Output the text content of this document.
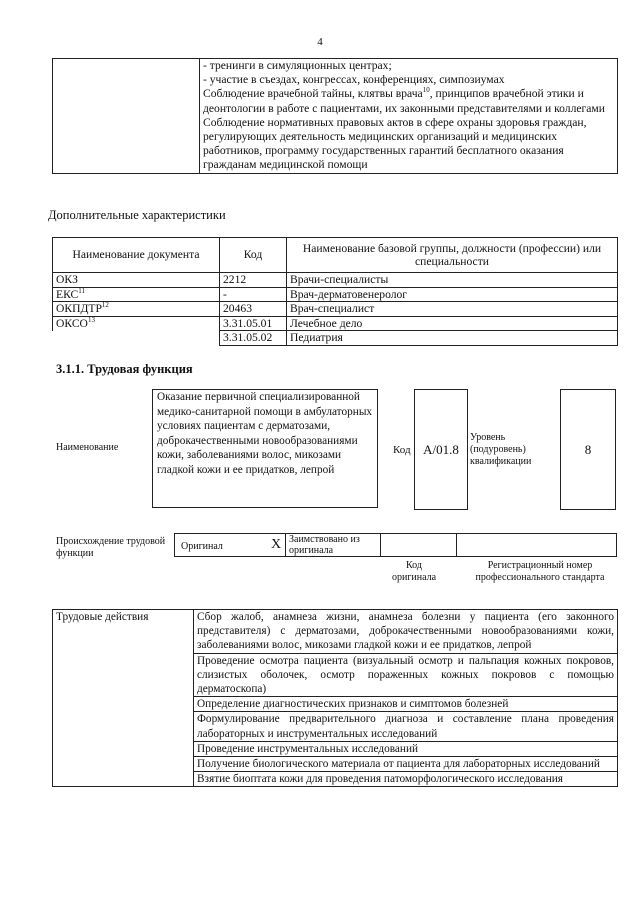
4

- тренинги в симуляционных центрах;
- участие в съездах, конгрессах, конференциях, симпозиумах
Соблюдение врачебной тайны, клятвы врача$^{10}$, принципов врачебной этики и деонтологии в работе с пациентами, их законными представителями и коллегами
Соблюдение нормативных правовых актов в сфере охраны здоровья граждан, регулирующих деятельность медицинских организаций и медицинских работников, программу государственных гарантий бесплатного оказания гражданам медицинской помощи
Дополнительные характеристики
Наименование документа	Код	Наименование базовой группы, должности (профессии) или специальности
ОКЗ	2212	Врачи-специалисты
ЕКС$^{11}$	-	Врач-дерматовенеролог
ОКПДТР$^{12}$	20463	Врач-специалист
ОКСО$^{13}$	3.31.05.01	Лечебное дело
	3.31.05.02	Педиатрия
3.1.1. Трудовая функция
Наименование
Оказание первичной специализированной медико-санитарной помощи в амбулаторных условиях пациентам с дерматозами, доброкачественными новообразованиями кожи, заболеваниями волос, микозами гладкой кожи и ее придатков, лепрой
Код А/01.8
Уровень (подуровень) квалификации
8
Происхождение трудовой функции
Оригинал	X Заимствовано из оригинала
Код оригинала
Регистрационный номер профессионального стандарта
Трудовые действия	Сбор жалоб, анамнеза жизни, анамнеза болезни у пациента (его законного представителя) с дерматозами, доброкачественными новообразованиями кожи, заболеваниями волос, микозами гладкой кожи и ее придатков, лепрой
Проведение осмотра пациента (визуальный осмотр и пальпация кожных покровов, слизистых оболочек, осмотр пораженных кожных покровов с помощью дерматоскопа)
Определение диагностических признаков и симптомов болезней
Формулирование предварительного диагноза и составление плана проведения лабораторных и инструментальных исследований
Проведение инструментальных исследований
Получение биологического материала от пациента для лабораторных исследований
Взятие биоптата кожи для проведения патоморфологического исследования
